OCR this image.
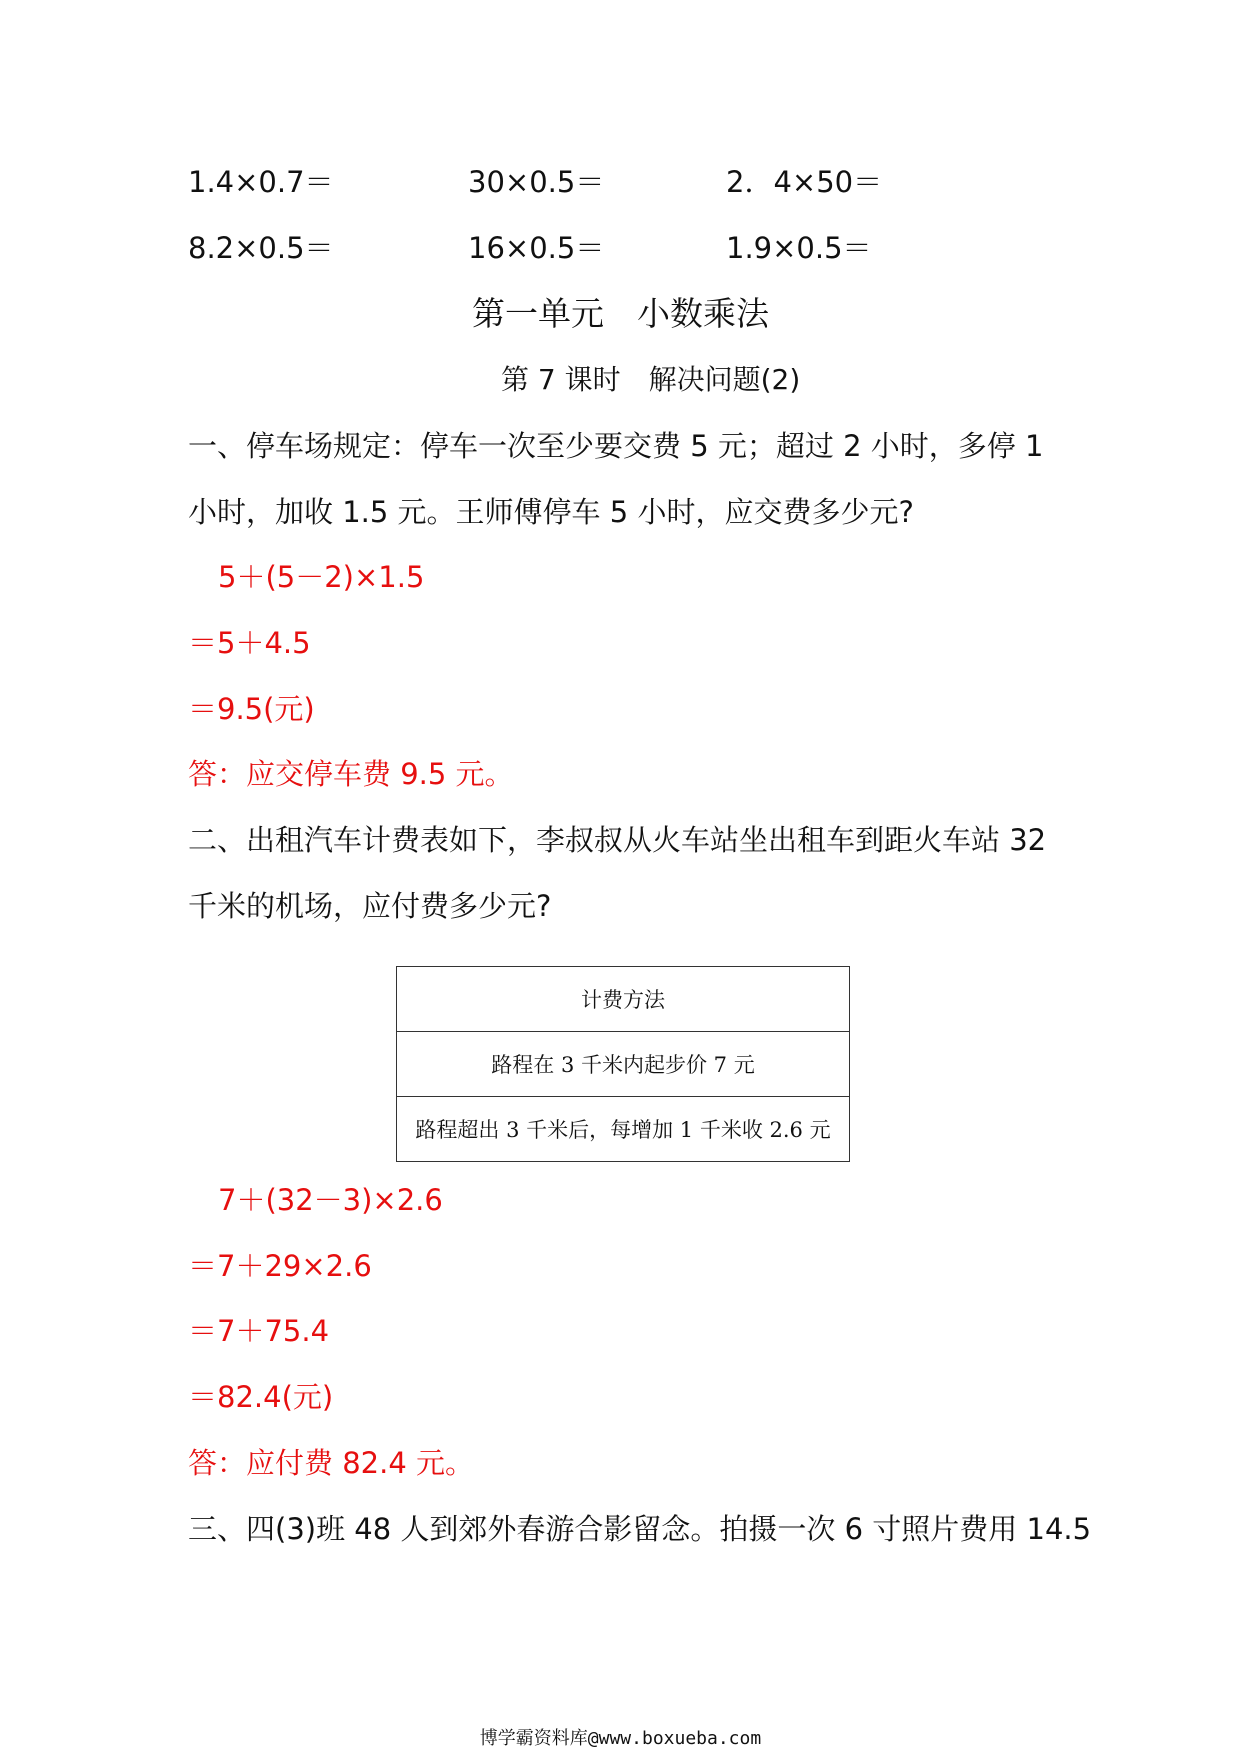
1.4×0.7＝	30×0.5＝	2．4×50＝
8.2×0.5＝	16×0.5＝	1.9×0.5＝
第一单元　小数乘法
第 7 课时　解决问题(2)
一、停车场规定：停车一次至少要交费 5 元；超过 2 小时，多停 1
小时，加收 1.5 元。王师傅停车 5 小时，应交费多少元?
5＋(5－2)×1.5
＝5＋4.5
＝9.5(元)
答：应交停车费 9.5 元。
二、出租汽车计费表如下，李叔叔从火车站坐出租车到距火车站 32
千米的机场，应付费多少元?
计费方法
路程在 3 千米内起步价 7 元
路程超出 3 千米后，每增加 1 千米收 2.6 元
7＋(32－3)×2.6
＝7＋29×2.6
＝7＋75.4
＝82.4(元)
答：应付费 82.4 元。
三、四(3)班 48 人到郊外春游合影留念。拍摄一次 6 寸照片费用 14.5
博学霸资料库@www.boxueba.com
